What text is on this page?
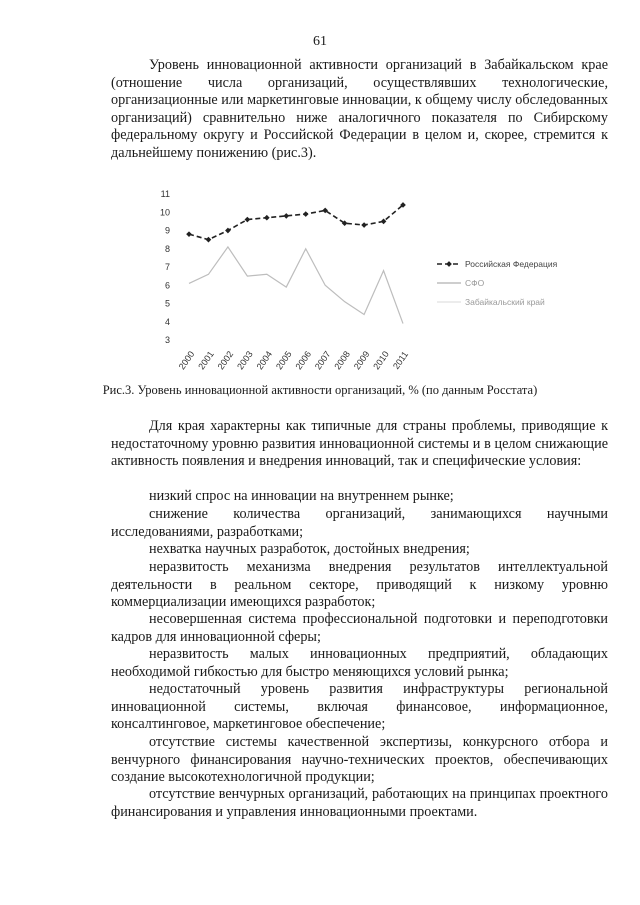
61

Уровень инновационной активности организаций в Забайкальском крае (отношение числа организаций, осуществлявших технологические, организационные или маркетинговые инновации, к общему числу обследованных организаций) сравнительно ниже аналогичного показателя по Сибирскому федеральному округу и Российской Федерации в целом и, скорее, стремится к дальнейшему понижению (рис.3).

11
10
9
8
7
6
5
4
3
2000 2001 2002 2003 2004 2005 2006 2007 2008 2009 2010 2011
Российская Федерация
СФО
Забайкальский край

Рис.3. Уровень инновационной активности организаций, % (по данным Росстата)

Для края характерны как типичные для страны проблемы, приводящие к недостаточному уровню развития инновационной системы и в целом снижающие активность появления и внедрения инноваций, так и специфические условия:

низкий спрос на инновации на внутреннем рынке;

снижение количества организаций, занимающихся научными исследованиями, разработками;

нехватка научных разработок, достойных внедрения;

неразвитость механизма внедрения результатов интеллектуальной деятельности в реальном секторе, приводящий к низкому уровню коммерциализации имеющихся разработок;

несовершенная система профессиональной подготовки и переподготовки кадров для инновационной сферы;

неразвитость малых инновационных предприятий, обладающих необходимой гибкостью для быстро меняющихся условий рынка;

недостаточный уровень развития инфраструктуры региональной инновационной системы, включая финансовое, информационное, консалтинговое, маркетинговое обеспечение;

отсутствие системы качественной экспертизы, конкурсного отбора и венчурного финансирования научно-технических проектов, обеспечивающих создание высокотехнологичной продукции;

отсутствие венчурных организаций, работающих на принципах проектного финансирования и управления инновационными проектами.
